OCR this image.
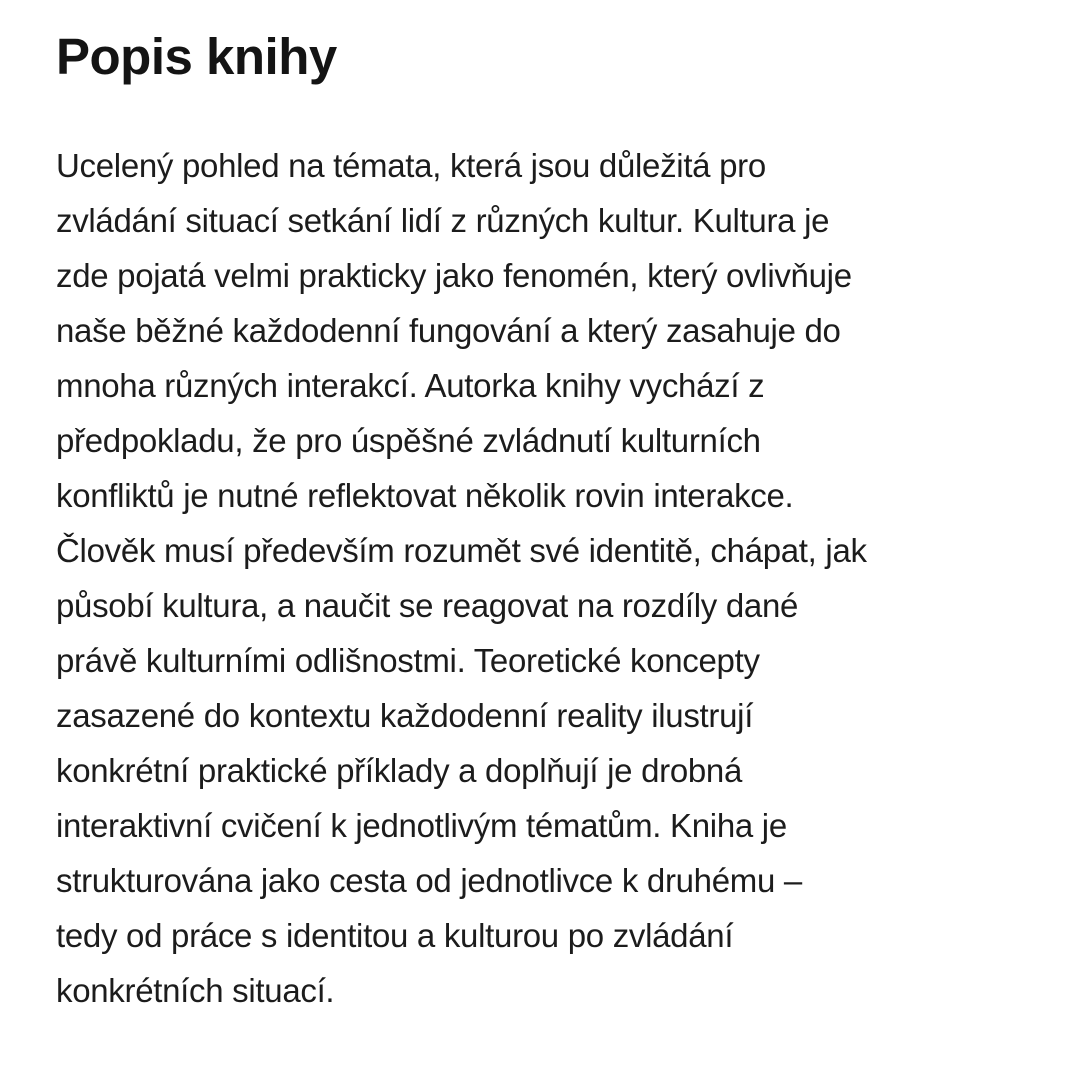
Popis knihy

Ucelený pohled na témata, která jsou důležitá pro
zvládání situací setkání lidí z různých kultur. Kultura je
zde pojatá velmi prakticky jako fenomén, který ovlivňuje
naše běžné každodenní fungování a který zasahuje do
mnoha různých interakcí. Autorka knihy vychází z
předpokladu, že pro úspěšné zvládnutí kulturních
konfliktů je nutné reflektovat několik rovin interakce.
Člověk musí především rozumět své identitě, chápat, jak
působí kultura, a naučit se reagovat na rozdíly dané
právě kulturními odlišnostmi. Teoretické koncepty
zasazené do kontextu každodenní reality ilustrují
konkrétní praktické příklady a doplňují je drobná
interaktivní cvičení k jednotlivým tématům. Kniha je
strukturována jako cesta od jednotlivce k druhému –
tedy od práce s identitou a kulturou po zvládání
konkrétních situací.
